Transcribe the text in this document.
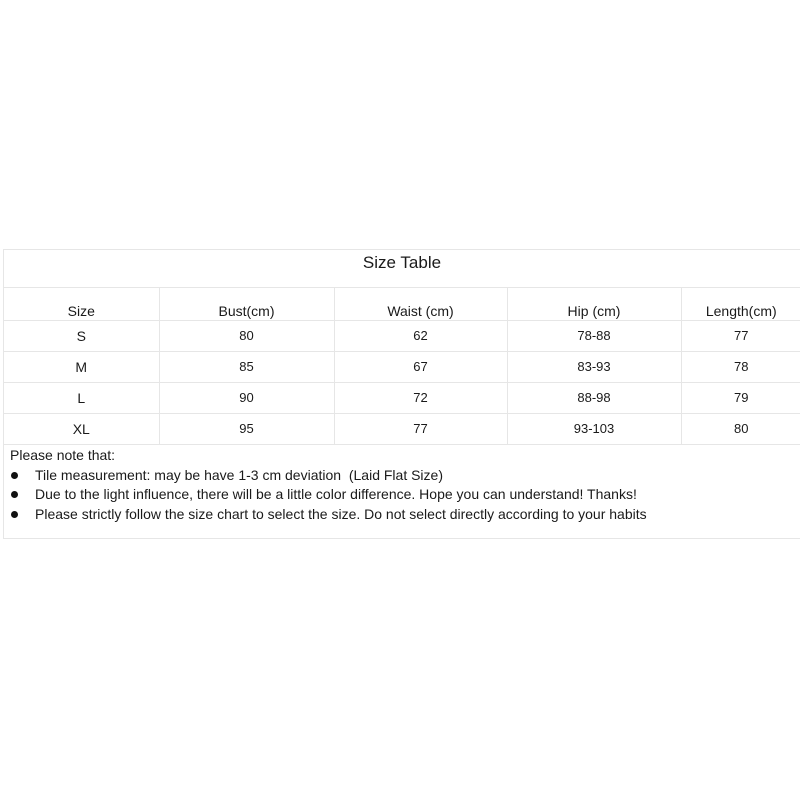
Size Table
Size	Bust(cm)	Waist (cm)	Hip (cm)	Length(cm)
S	80	62	78-88	77
M	85	67	83-93	78
L	90	72	88-98	79
XL	95	77	93-103	80
Please note that:
Tile measurement: may be have 1-3 cm deviation  (Laid Flat Size)
Due to the light influence, there will be a little color difference. Hope you can understand! Thanks!
Please strictly follow the size chart to select the size. Do not select directly according to your habits
